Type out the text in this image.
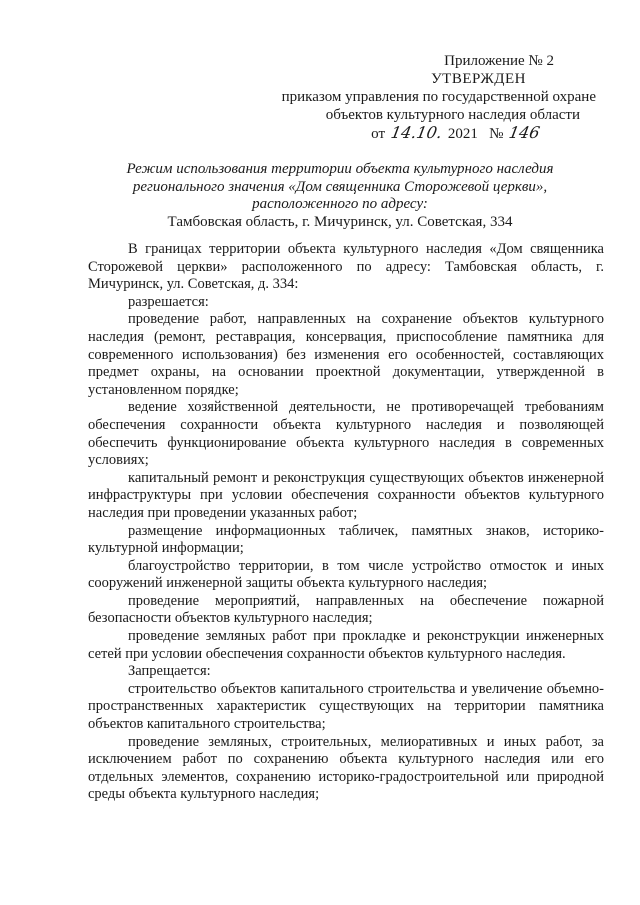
Приложение № 2
УТВЕРЖДЕН
приказом управления по государственной охране
объектов культурного наследия области
от 14.10. 2021 № 146
Режим использования территории объекта культурного наследия
регионального значения «Дом священника Сторожевой церкви»,
расположенного по адресу:
Тамбовская область, г. Мичуринск, ул. Советская, 334

В границах территории объекта культурного наследия «Дом священника Сторожевой церкви» расположенного по адресу: Тамбовская область, г. Мичуринск, ул. Советская, д. 334:

разрешается:

проведение работ, направленных на сохранение объектов культурного наследия (ремонт, реставрация, консервация, приспособление памятника для современного использования) без изменения его особенностей, составляющих предмет охраны, на основании проектной документации, утвержденной в установленном порядке;

ведение хозяйственной деятельности, не противоречащей требованиям обеспечения сохранности объекта культурного наследия и позволяющей обеспечить функционирование объекта культурного наследия в современных условиях;

капитальный ремонт и реконструкция существующих объектов инженерной инфраструктуры при условии обеспечения сохранности объектов культурного наследия при проведении указанных работ;

размещение информационных табличек, памятных знаков, историко-культурной информации;

благоустройство территории, в том числе устройство отмосток и иных сооружений инженерной защиты объекта культурного наследия;

проведение мероприятий, направленных на обеспечение пожарной безопасности объектов культурного наследия;

проведение земляных работ при прокладке и реконструкции инженерных сетей при условии обеспечения сохранности объектов культурного наследия.

Запрещается:

строительство объектов капитального строительства и увеличение объемно-пространственных характеристик существующих на территории памятника объектов капитального строительства;

проведение земляных, строительных, мелиоративных и иных работ, за исключением работ по сохранению объекта культурного наследия или его отдельных элементов, сохранению историко-градостроительной или природной среды объекта культурного наследия;
